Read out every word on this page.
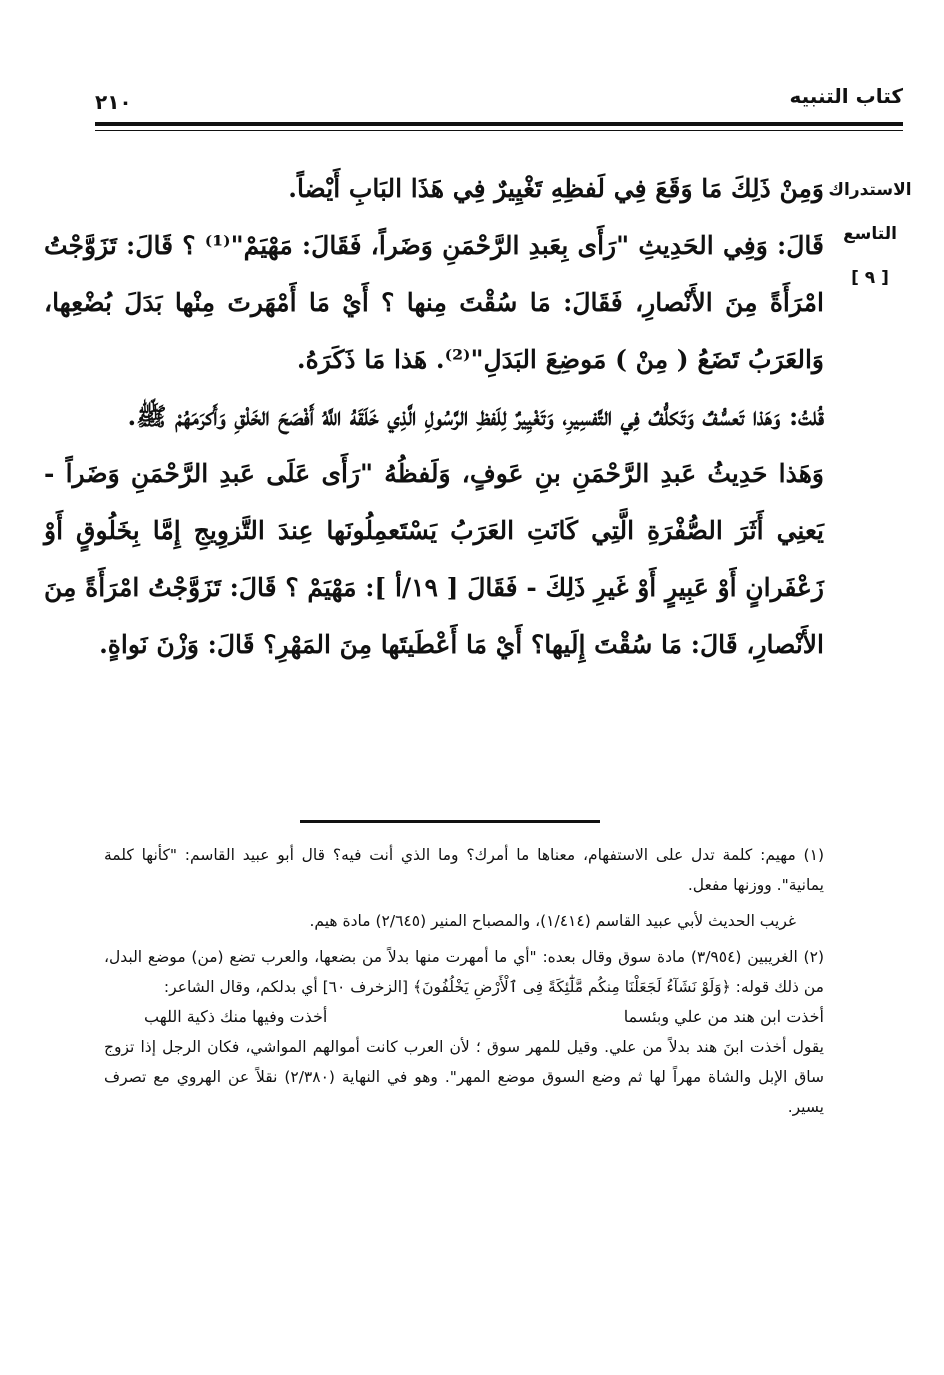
كتاب التنبيه
٢١٠
الاستدراك
التاسع
[ ٩ ]

وَمِنْ ذَلِكَ مَا وَقَعَ فِي لَفظِهِ تَغْيِيرٌ فِي هَذَا البَابِ أَيْضاً.

قَالَ: وَفِي الحَدِيثِ "رَأَى بِعَبدِ الرَّحْمَنِ وَضَراً، فَقَالَ: مَهْيَمْ"⁽¹⁾ ؟ قَالَ: تَزَوَّجْتُ امْرَأَةً مِنَ الأَنْصارِ، فَقَالَ: مَا سُقْتَ مِنها ؟ أَيْ مَا أَمْهَرتَ مِنْها بَدَلَ بُضْعِها، وَالعَرَبُ تَضَعُ ( مِنْ ) مَوضِعَ البَدَلِ"⁽²⁾. هَذا مَا ذَكَرَهُ.

قُلتُ: وَهَذا تَعسُّفٌ وَتَكلُّفٌ فِي التَّفسِيرِ، وَتَغْيِيرٌ لِلَفظِ الرَّسُولِ الَّذِي خَلَقَهُ اللَّهُ أَفْصَحَ الخَلْقِ وَأَكرَمَهُمْ ﷺ.

وَهَذا حَدِيثُ عَبدِ الرَّحْمَنِ بنِ عَوفٍ، وَلَفظُهُ "رَأَى عَلَى عَبدِ الرَّحْمَنِ وَضَراً - يَعنِي أَثَرَ الصُّفْرَةِ الَّتِي كَانَتِ العَرَبُ يَسْتَعمِلُونَها عِندَ التَّزوِيجِ إِمَّا بِخَلُوقٍ أَوْ زَعْفَرانٍ أَوْ عَبِيرٍ أَوْ غَيرِ ذَلِكَ - فَقَالَ [ ١٩/أ ]: مَهْيَمْ ؟ قَالَ: تَزَوَّجْتُ امْرَأَةً مِنَ الأَنْصارِ، قَالَ: مَا سُقْتَ إِلَيها؟ أَيْ مَا أَعْطَيتَها مِنَ المَهْرِ؟ قَالَ: وَزْنَ نَواةٍ.

(١) مهيم: كلمة تدل على الاستفهام، معناها ما أمرك؟ وما الذي أنت فيه؟ قال أبو عبيد القاسم: "كأنها كلمة يمانية". ووزنها مفعل.

غريب الحديث لأبي عبيد القاسم (١/٤١٤)، والمصباح المنير (٢/٦٤٥) مادة هيم.

(٢) الغريبين (٣/٩٥٤) مادة سوق وقال بعده: "أي ما أمهرت منها بدلاً من بضعها، والعرب تضع (من) موضع البدل، من ذلك قوله: ﴿وَلَوْ نَشَآءُ لَجَعَلْنَا مِنكُم مَّلَٰٓئِكَةً فِى ٱلْأَرْضِ يَخْلُفُونَ﴾ [الزخرف ٦٠] أي بدلكم، وقال الشاعر:

أخذت ابن هند من علي وبئسما
أخذت وفيها منك ذكية اللهب

يقول أخذت ابنَ هند بدلاً من علي. وقيل للمهر سوق ؛ لأن العرب كانت أموالهم المواشي، فكان الرجل إذا تزوج ساق الإبل والشاة مهراً لها ثم وضع السوق موضع المهر". وهو في النهاية (٢/٣٨٠) نقلاً عن الهروي مع تصرف يسير.
